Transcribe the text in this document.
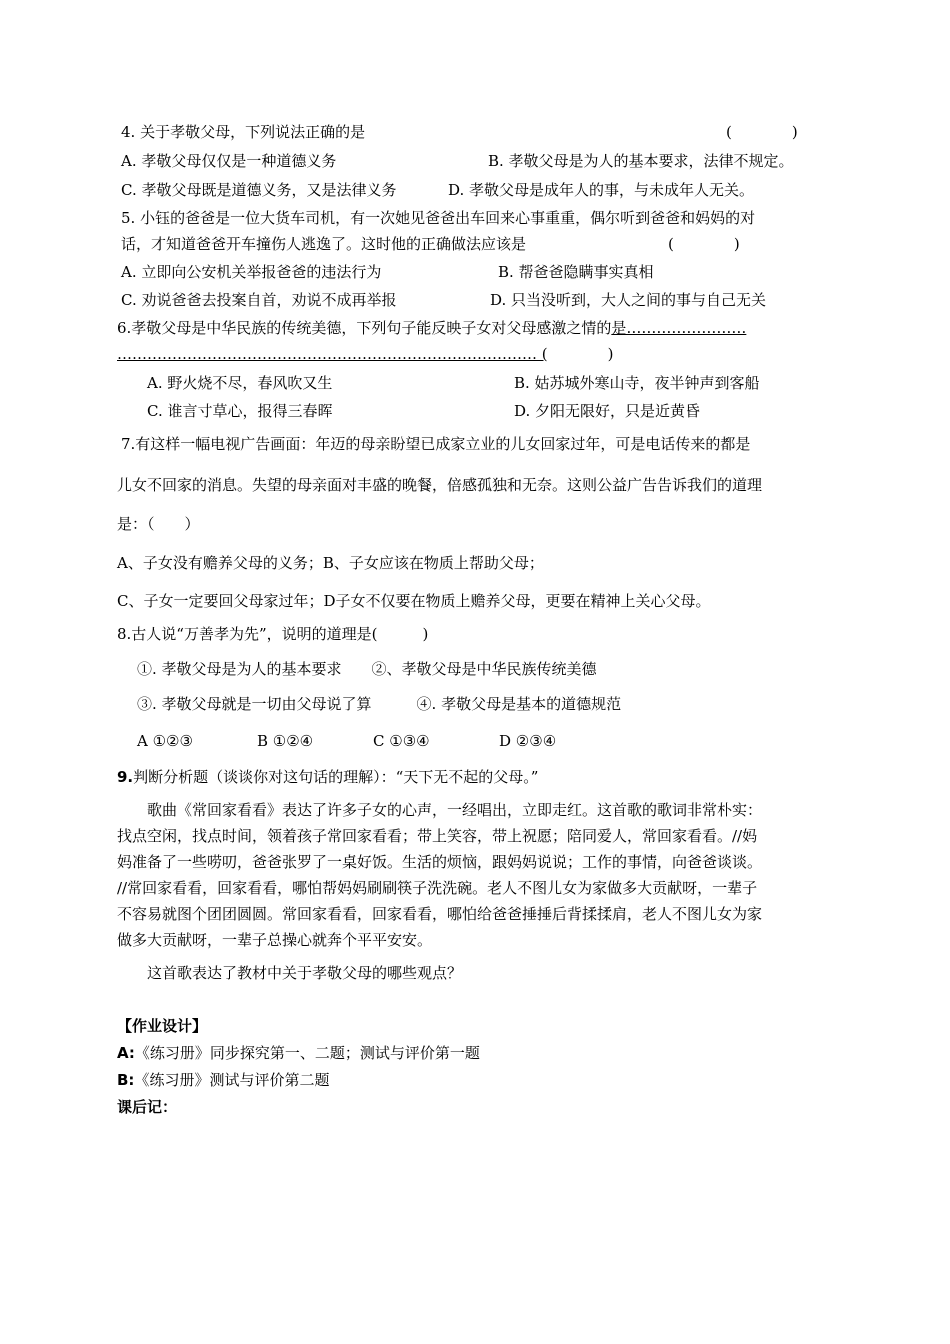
4. 关于孝敬父母，下列说法正确的是	(　　　　)
A. 孝敬父母仅仅是一种道德义务	B. 孝敬父母是为人的基本要求，法律不规定。
C. 孝敬父母既是道德义务，又是法律义务	D. 孝敬父母是成年人的事，与未成年人无关。
5. 小钰的爸爸是一位大货车司机，有一次她见爸爸出车回来心事重重，偶尔听到爸爸和妈妈的对
话，才知道爸爸开车撞伤人逃逸了。这时他的正确做法应该是	(　　　　)
A. 立即向公安机关举报爸爸的违法行为	B. 帮爸爸隐瞒事实真相
C. 劝说爸爸去投案自首，劝说不成再举报	D. 只当没听到，大人之间的事与自己无关
6.孝敬父母是中华民族的传统美德，下列句子能反映子女对父母感激之情的是……………………
………………………………………………………………………… (　　　　)
A. 野火烧不尽，春风吹又生	B. 姑苏城外寒山寺，夜半钟声到客船
C. 谁言寸草心，报得三春晖	D. 夕阳无限好，只是近黄昏
7.有这样一幅电视广告画面：年迈的母亲盼望已成家立业的儿女回家过年，可是电话传来的都是
儿女不回家的消息。失望的母亲面对丰盛的晚餐，倍感孤独和无奈。这则公益广告告诉我们的道理
是：（　　）
A、子女没有赡养父母的义务；B、子女应该在物质上帮助父母；
C、子女一定要回父母家过年；D子女不仅要在物质上赡养父母，更要在精神上关心父母。
8.古人说“万善孝为先”，说明的道理是(　　　)
①. 孝敬父母是为人的基本要求　　②、孝敬父母是中华民族传统美德
③. 孝敬父母就是一切由父母说了算　　　④. 孝敬父母是基本的道德规范
A ①②③	B ①②④	C ①③④	D ②③④
9.判断分析题（谈谈你对这句话的理解）：“天下无不起的父母。”
歌曲《常回家看看》表达了许多子女的心声，一经唱出，立即走红。这首歌的歌词非常朴实：
找点空闲，找点时间，领着孩子常回家看看；带上笑容，带上祝愿；陪同爱人，常回家看看。//妈
妈准备了一些唠叨，爸爸张罗了一桌好饭。生活的烦恼，跟妈妈说说；工作的事情，向爸爸谈谈。
//常回家看看，回家看看，哪怕帮妈妈刷刷筷子洗洗碗。老人不图儿女为家做多大贡献呀，一辈子
不容易就图个团团圆圆。常回家看看，回家看看，哪怕给爸爸捶捶后背揉揉肩，老人不图儿女为家
做多大贡献呀，一辈子总操心就奔个平平安安。
这首歌表达了教材中关于孝敬父母的哪些观点？
【作业设计】
A:《练习册》同步探究第一、二题；测试与评价第一题
B:《练习册》测试与评价第二题
课后记：
